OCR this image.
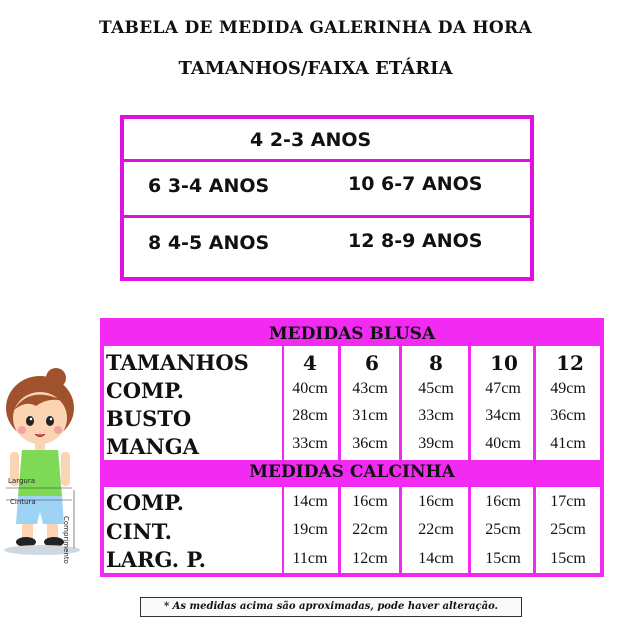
TABELA DE MEDIDA GALERINHA DA HORA
TAMANHOS/FAIXA ETÁRIA
4 2-3 ANOS
6 3-4 ANOS	10 6-7 ANOS
8 4-5 ANOS	12 8-9 ANOS
Largura
Cintura
Comprimento
MEDIDAS BLUSA
TAMANHOS	4	6	8	10	12
COMP.	40cm	43cm	45cm	47cm	49cm
BUSTO	28cm	31cm	33cm	34cm	36cm
MANGA	33cm	36cm	39cm	40cm	41cm
MEDIDAS CALCINHA
COMP.	14cm	16cm	16cm	16cm	17cm
CINT.	19cm	22cm	22cm	25cm	25cm
LARG. P.	11cm	12cm	14cm	15cm	15cm
* As medidas acima são aproximadas, pode haver alteração.
